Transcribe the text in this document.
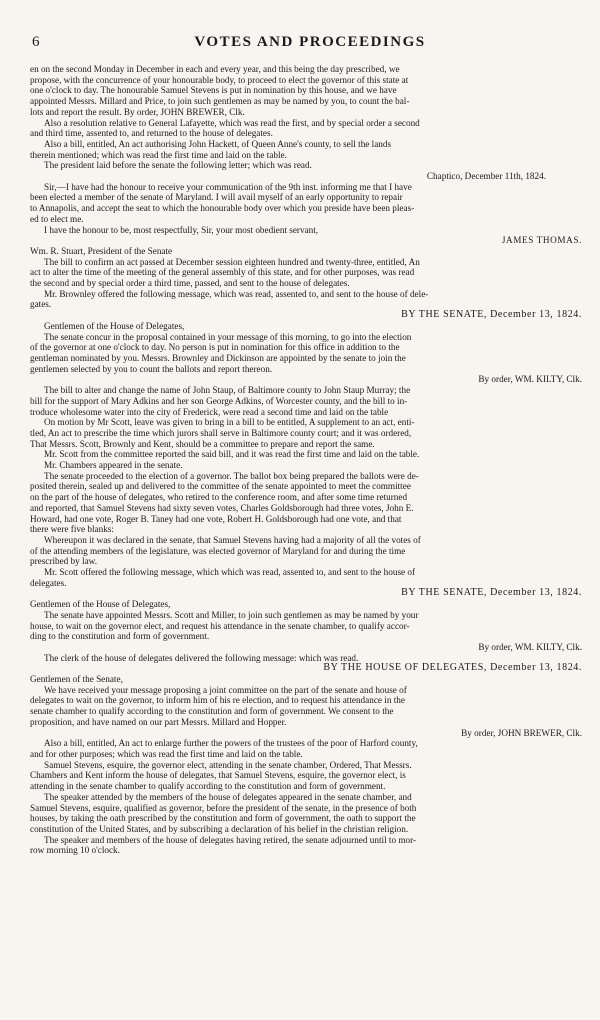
6	VOTES AND PROCEEDINGS

en on the second Monday in December in each and every year, and this being the day prescribed, we

propose, with the concurrence of your honourable body, to proceed to elect the governor of this state at

one o'clock to day. The honourable Samuel Stevens is put in nomination by this house, and we have

appointed Messrs. Millard and Price, to join such gentlemen as may be named by you, to count the bal-

lots and report the result. By order, JOHN BREWER, Clk.

Also a resolution relative to General Lafayette, which was read the first, and by special order a second

and third time, assented to, and returned to the house of delegates.

Also a bill, entitled, An act authorising John Hackett, of Queen Anne's county, to sell the lands

therein mentioned; which was read the first time and laid on the table.

The president laid before the senate the following letter; which was read.

Chaptico, December 11th, 1824.

Sir,—I have had the honour to receive your communication of the 9th inst. informing me that I have

been elected a member of the senate of Maryland. I will avail myself of an early opportunity to repair

to Annapolis, and accept the seat to which the honourable body over which you preside have been pleas-

ed to elect me.

I have the honour to be, most respectfully, Sir, your most obedient servant,

JAMES THOMAS.

Wm. R. Stuart, President of the Senate

The bill to confirm an act passed at December session eighteen hundred and twenty-three, entitled, An

act to alter the time of the meeting of the general assembly of this state, and for other purposes, was read

the second and by special order a third time, passed, and sent to the house of delegates.

Mr. Brownley offered the following message, which was read, assented to, and sent to the house of dele-

gates.

BY THE SENATE, December 13, 1824.

Gentlemen of the House of Delegates,

The senate concur in the proposal contained in your message of this morning, to go into the election

of the governor at one o'clock to day. No person is put in nomination for this office in addition to the

gentleman nominated by you. Messrs. Brownley and Dickinson are appointed by the senate to join the

gentlemen selected by you to count the ballots and report thereon.

By order, WM. KILTY, Clk.

The bill to alter and change the name of John Staup, of Baltimore county to John Staup Murray; the

bill for the support of Mary Adkins and her son George Adkins, of Worcester county, and the bill to in-

troduce wholesome water into the city of Frederick, were read a second time and laid on the table

On motion by Mr Scott, leave was given to bring in a bill to be entitled, A supplement to an act, enti-

tled, An act to prescribe the time which jurors shall serve in Baltimore county court; and it was ordered,

That Messrs. Scott, Brownly and Kent, should be a committee to prepare and report the same.

Mr. Scott from the committee reported the said bill, and it was read the first time and laid on the table.

Mr. Chambers appeared in the senate.

The senate proceeded to the election of a governor. The ballot box being prepared the ballots were de-

posited therein, sealed up and delivered to the committee of the senate appointed to meet the committee

on the part of the house of delegates, who retired to the conference room, and after some time returned

and reported, that Samuel Stevens had sixty seven votes, Charles Goldsborough had three votes, John E.

Howard, had one vote, Roger B. Taney had one vote, Robert H. Goldsborough had one vote, and that

there were five blanks:

Whereupon it was declared in the senate, that Samuel Stevens having had a majority of all the votes of

of the attending members of the legislature, was elected governor of Maryland for and during the time

prescribed by law.

Mr. Scott offered the following message, which which was read, assented to, and sent to the house of

delegates.

BY THE SENATE, December 13, 1824.

Gentlemen of the House of Delegates,

The senate have appointed Messrs. Scott and Miller, to join such gentlemen as may be named by your

house, to wait on the governor elect, and request his attendance in the senate chamber, to qualify accor-

ding to the constitution and form of government.

By order, WM. KILTY, Clk.

The clerk of the house of delegates delivered the following message: which was read.

BY THE HOUSE OF DELEGATES, December 13, 1824.

Gentlemen of the Senate,

We have received your message proposing a joint committee on the part of the senate and house of

delegates to wait on the governor, to inform him of his re election, and to request his attendance in the

senate chamber to qualify according to the constitution and form of government. We consent to the

proposition, and have named on our part Messrs. Millard and Hopper.

By order, JOHN BREWER, Clk.

Also a bill, entitled, An act to enlarge further the powers of the trustees of the poor of Harford county,

and for other purposes; which was read the first time and laid on the table.

Samuel Stevens, esquire, the governor elect, attending in the senate chamber, Ordered, That Messrs.

Chambers and Kent inform the house of delegates, that Samuel Stevens, esquire, the governor elect, is

attending in the senate chamber to qualify according to the constitution and form of government.

The speaker attended by the members of the house of delegates appeared in the senate chamber, and

Samuel Stevens, esquire, qualified as governor, before the president of the senate, in the presence of both

houses, by taking the oath prescribed by the constitution and form of government, the oath to support the

constitution of the United States, and by subscribing a declaration of his belief in the christian religion.

The speaker and members of the house of delegates having retired, the senate adjourned until to mor-

row morning 10 o'clock.
